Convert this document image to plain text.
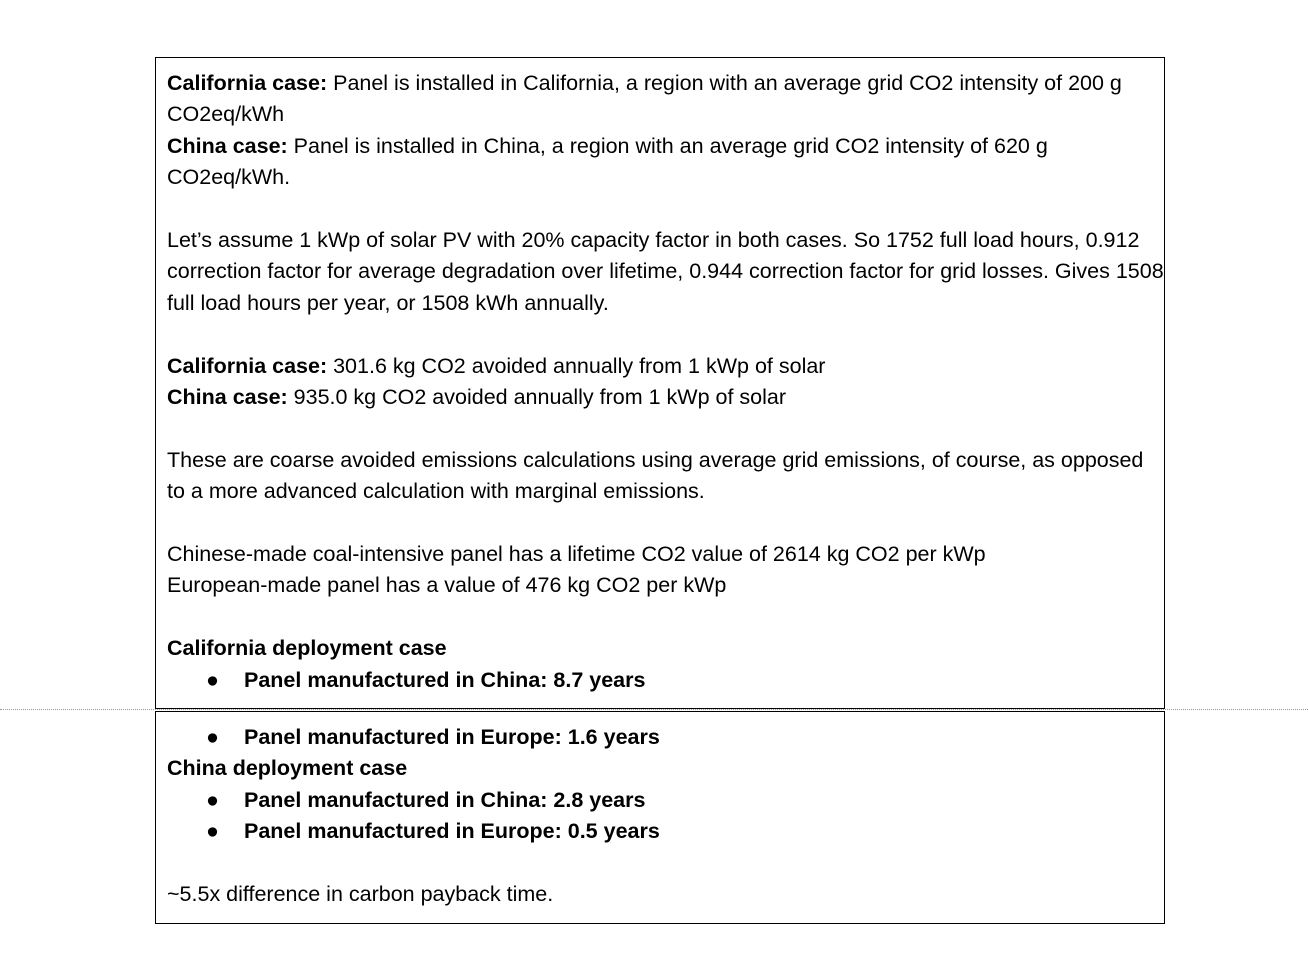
California case: Panel is installed in California, a region with an average grid CO2 intensity of 200 g CO2eq/kWh

China case: Panel is installed in China, a region with an average grid CO2 intensity of 620 g CO2eq/kWh.

Let’s assume 1 kWp of solar PV with 20% capacity factor in both cases. So 1752 full load hours, 0.912 correction factor for average degradation over lifetime, 0.944 correction factor for grid losses. Gives 1508 full load hours per year, or 1508 kWh annually.

California case: 301.6 kg CO2 avoided annually from 1 kWp of solar

China case: 935.0 kg CO2 avoided annually from 1 kWp of solar

These are coarse avoided emissions calculations using average grid emissions, of course, as opposed to a more advanced calculation with marginal emissions.

Chinese-made coal-intensive panel has a lifetime CO2 value of 2614 kg CO2 per kWp

European-made panel has a value of 476 kg CO2 per kWp

California deployment case

● Panel manufactured in China: 8.7 years

● Panel manufactured in Europe: 1.6 years

China deployment case

● Panel manufactured in China: 2.8 years

● Panel manufactured in Europe: 0.5 years

~5.5x difference in carbon payback time.
